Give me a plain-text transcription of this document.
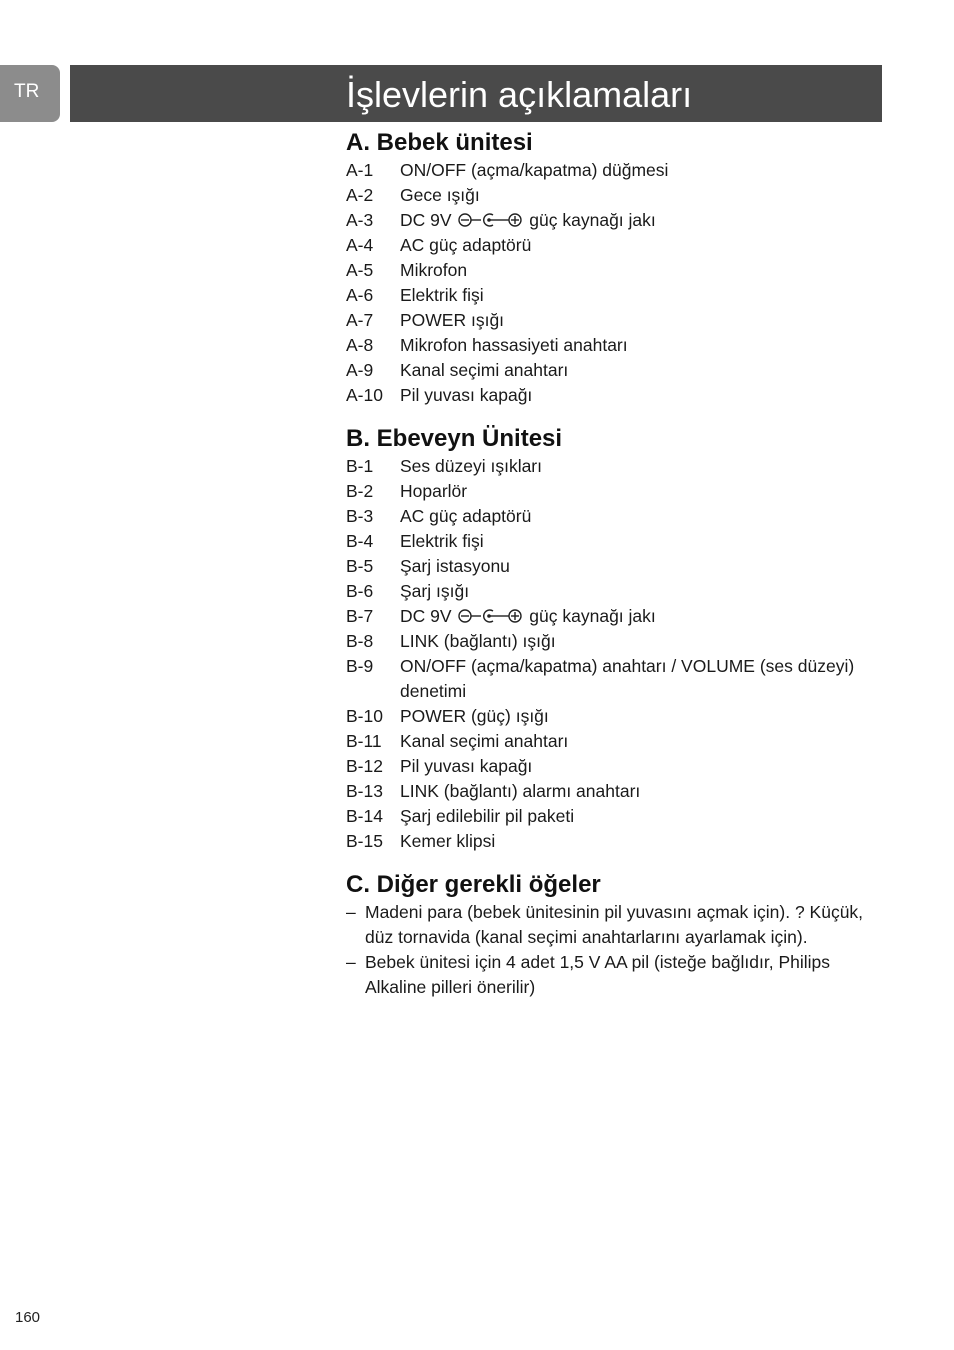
TR	İşlevlerin açıklamaları
A. Bebek ünitesi
A-1	ON/OFF (açma/kapatma) düğmesi
A-2	Gece ışığı
A-3	DC 9V	güç kaynağı jakı
A-4	AC güç adaptörü
A-5	Mikrofon
A-6	Elektrik fişi
A-7	POWER ışığı
A-8	Mikrofon hassasiyeti anahtarı
A-9	Kanal seçimi anahtarı
A-10 Pil yuvası kapağı
B. Ebeveyn Ünitesi
B-1	Ses düzeyi ışıkları
B-2	Hoparlör
B-3	AC güç adaptörü
B-4	Elektrik fişi
B-5	Şarj istasyonu
B-6	Şarj ışığı
B-7	DC 9V	güç kaynağı jakı
B-8	LINK (bağlantı) ışığı
B-9	ON/OFF (açma/kapatma) anahtarı / VOLUME (ses düzeyi) denetimi
B-10 POWER (güç) ışığı
B-11	Kanal seçimi anahtarı
B-12 Pil yuvası kapağı
B-13 LINK (bağlantı) alarmı anahtarı
B-14 Şarj edilebilir pil paketi
B-15 Kemer klipsi
C. Diğer gerekli öğeler
– Madeni para (bebek ünitesinin pil yuvasını açmak için). ? Küçük, düz tornavida (kanal seçimi anahtarlarını ayarlamak için).
– Bebek ünitesi için 4 adet 1,5 V AA pil (isteğe bağlıdır, Philips Alkaline pilleri önerilir)
160
